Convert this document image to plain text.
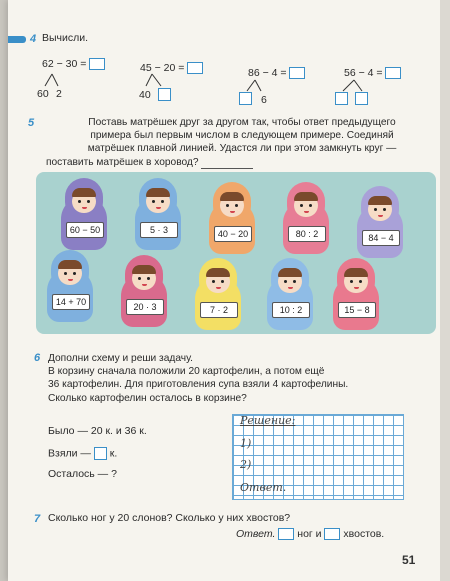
4 Вычисли.
62 − 30 =
60 2
45 − 20 =
40
86 − 4 =
6
56 − 4 =
5	Поставь матрёшек друг за другом так, чтобы ответ предыдущего
примера был первым числом в следующем примере. Соединяй
матрёшек плавной линией. Удастся ли при этом замкнуть круг —
поставить матрёшек в хоровод?
60 − 50	5 · 3	40 − 20	80 : 2	84 − 4
14 + 70	20 · 3	7 · 2	10 : 2	15 − 8
6 Дополни схему и реши задачу.
В корзину сначала положили 20 картофелин, а потом ещё
36 картофелин. Для приготовления супа взяли 4 картофелины.
Сколько картофелин осталось в корзине?
Было — 20 к. и 36 к.
Взяли — к.
Осталось — ?
Решение:
1)
2)
Ответ.
7 Сколько ног у 20 слонов? Сколько у них хвостов?
Ответ. ног и хвостов.
51
